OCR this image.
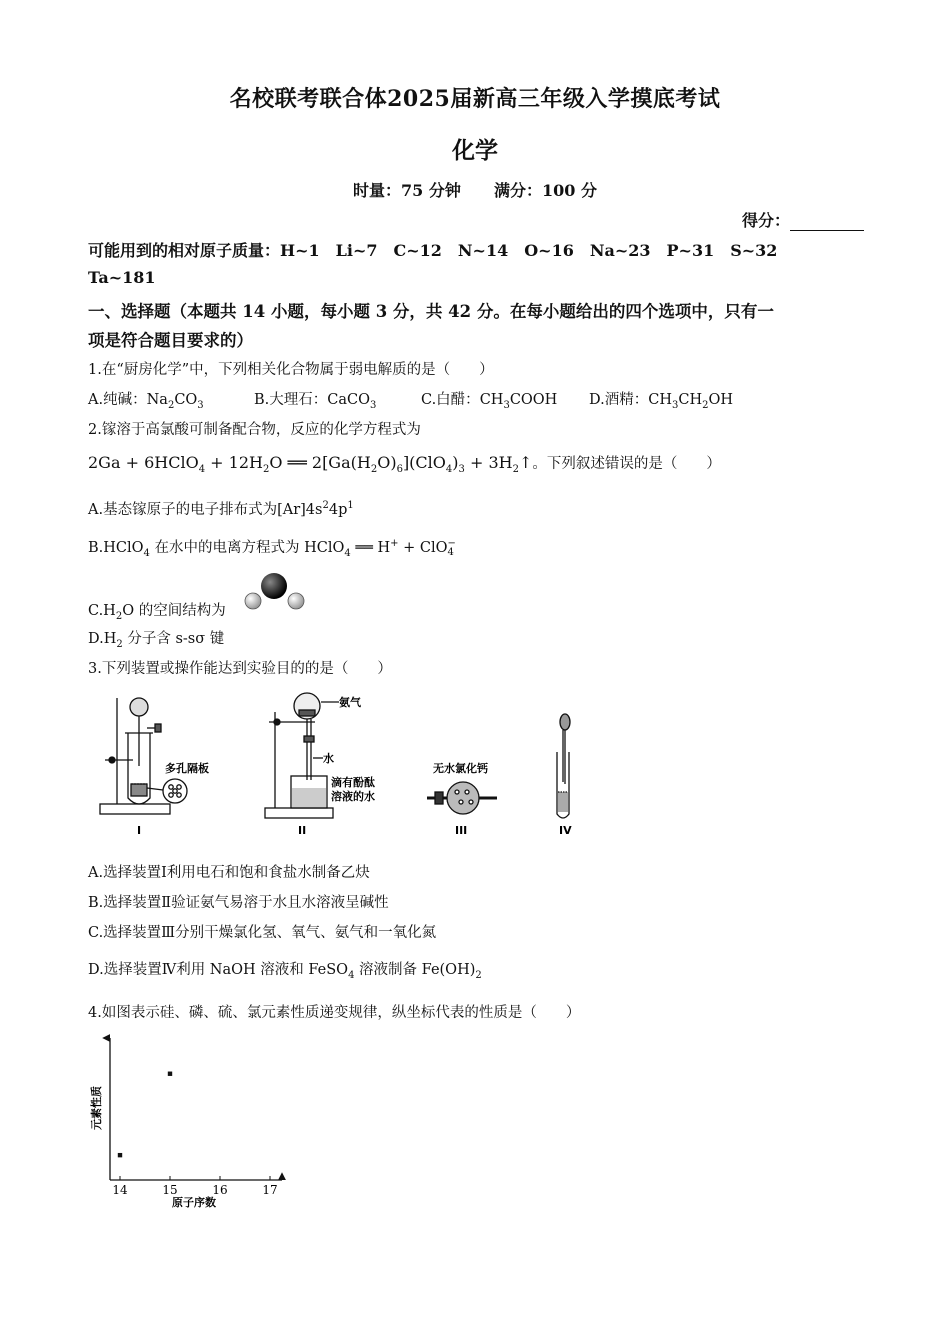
名校联考联合体2025届新高三年级入学摸底考试
化学
时量：75 分钟 满分：100 分
得分：
可能用到的相对原子质量：H~1　Li~7　C~12　N~14　O~16　Na~23　P~31　S~32
Ta~181
一、选择题（本题共 14 小题，每小题 3 分，共 42 分。在每小题给出的四个选项中，只有一
项是符合题目要求的）
1.在“厨房化学”中，下列相关化合物属于弱电解质的是（　　）
A.纯碱：$Na_2CO_3$	B.大理石：CaCO$_3$	C.白醋：$CH_3COOH$ D.酒精：$CH_3CH_2OH$
2.镓溶于高氯酸可制备配合物，反应的化学方程式为
2Ga + 6HClO$_4$ + $12H_2O$ ══ $2[Ga(H_2O)_6](ClO_4)_3$ + $3H_2↑$。下列叙述错误的是（　　）
A.基态镓原子的电子排布式为$[Ar]4s^24p^1$
B.HClO$_4$ 在水中的电离方程式为 HClO$_4$ ══ H+ + ClO −
4
$C.H_2O$ 的空间结构为
$D.H_2$ 分子含 s-sσ 键
3.下列装置或操作能达到实验目的的是（　　）
多孔隔板
氨气
水
滴有酚酞
溶液的水
无水氯化钙
I	II	III	IV
A.选择装置Ⅰ利用电石和饱和食盐水制备乙炔
B.选择装置Ⅱ验证氨气易溶于水且水溶液呈碱性
C.选择装置Ⅲ分别干燥氯化氢、氧气、氨气和一氧化氮
D.选择装置Ⅳ利用 NaOH 溶液和 FeSO$_4$ 溶液制备 $Fe(OH)_2$
4.如图表示硅、磷、硫、氯元素性质递变规律，纵坐标代表的性质是（　　）
元素性质
原子序数
14	15	16	17
